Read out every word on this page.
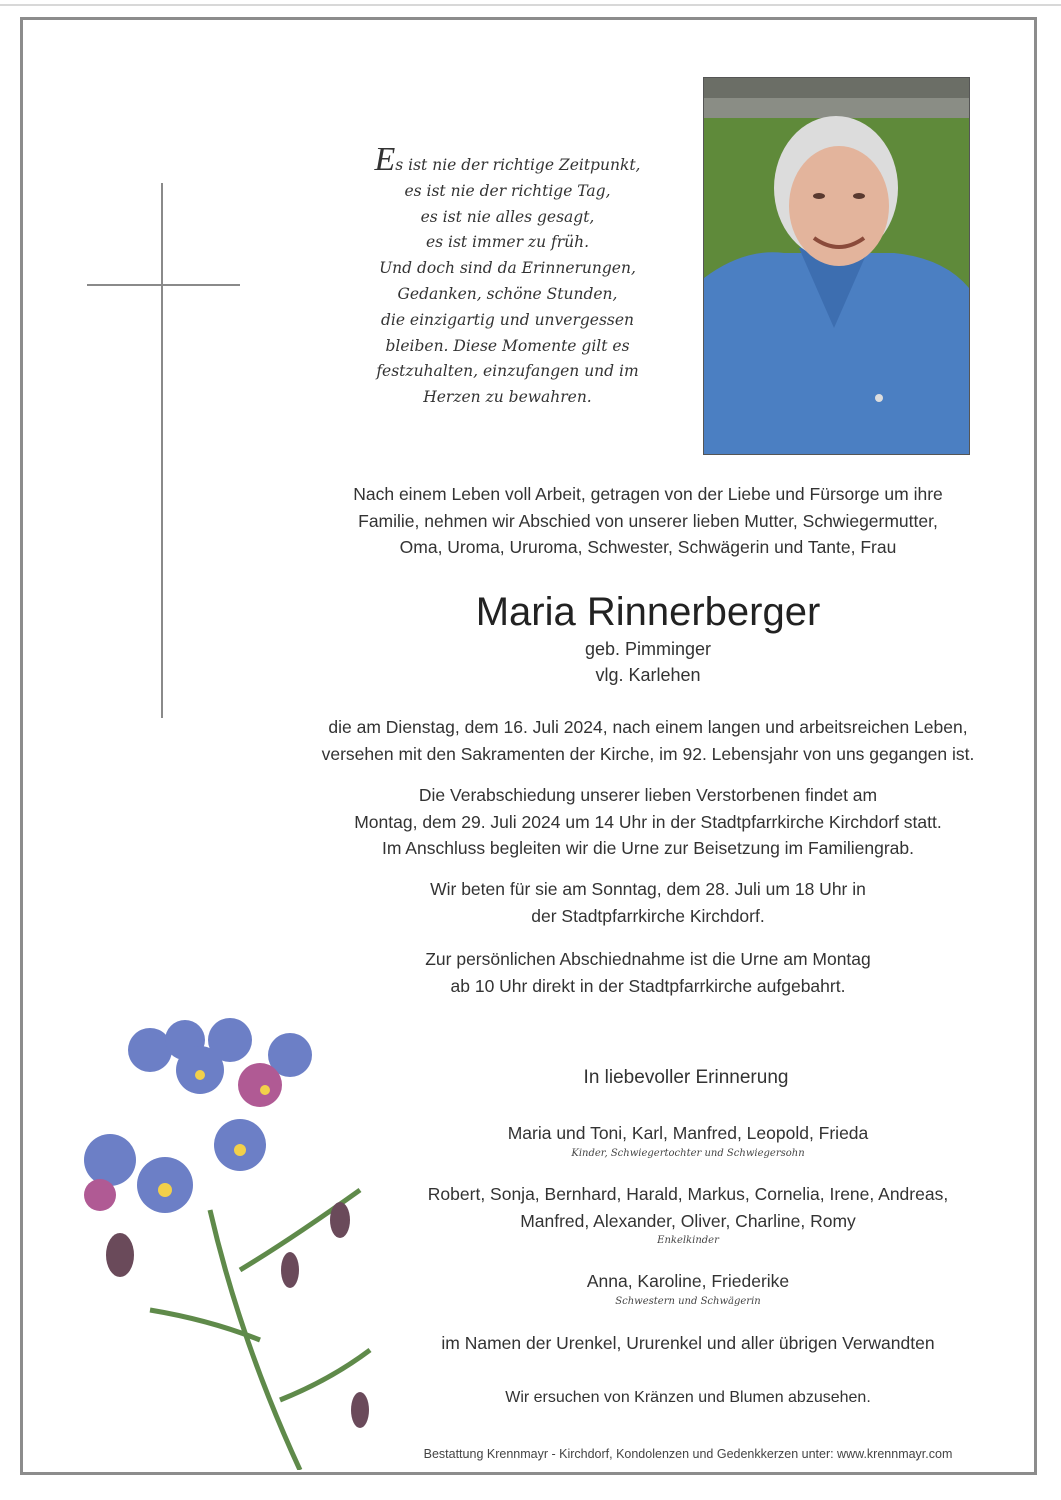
Es ist nie der richtige Zeitpunkt,
es ist nie der richtige Tag,
es ist nie alles gesagt,
es ist immer zu früh.
Und doch sind da Erinnerungen,
Gedanken, schöne Stunden,
die einzigartig und unvergessen
bleiben. Diese Momente gilt es
festzuhalten, einzufangen und im
Herzen zu bewahren.
Nach einem Leben voll Arbeit, getragen von der Liebe und Fürsorge um ihre
Familie, nehmen wir Abschied von unserer lieben Mutter, Schwiegermutter,
Oma, Uroma, Ururoma, Schwester, Schwägerin und Tante, Frau
Maria Rinnerberger
geb. Pimminger
vlg. Karlehen
die am Dienstag, dem 16. Juli 2024, nach einem langen und arbeitsreichen Leben,
versehen mit den Sakramenten der Kirche, im 92. Lebensjahr von uns gegangen ist.
Die Verabschiedung unserer lieben Verstorbenen findet am
Montag, dem 29. Juli 2024 um 14 Uhr in der Stadtpfarrkirche Kirchdorf statt.
Im Anschluss begleiten wir die Urne zur Beisetzung im Familiengrab.
Wir beten für sie am Sonntag, dem 28. Juli um 18 Uhr in
der Stadtpfarrkirche Kirchdorf.
Zur persönlichen Abschiednahme ist die Urne am Montag
ab 10 Uhr direkt in der Stadtpfarrkirche aufgebahrt.
In liebevoller Erinnerung
Maria und Toni, Karl, Manfred, Leopold, Frieda
Kinder, Schwiegertochter und Schwiegersohn
Robert, Sonja, Bernhard, Harald, Markus, Cornelia, Irene, Andreas,
Manfred, Alexander, Oliver, Charline, Romy
Enkelkinder
Anna, Karoline, Friederike
Schwestern und Schwägerin
im Namen der Urenkel, Ururenkel und aller übrigen Verwandten
Wir ersuchen von Kränzen und Blumen abzusehen.
Bestattung Krennmayr - Kirchdorf, Kondolenzen und Gedenkkerzen unter: www.krennmayr.com
